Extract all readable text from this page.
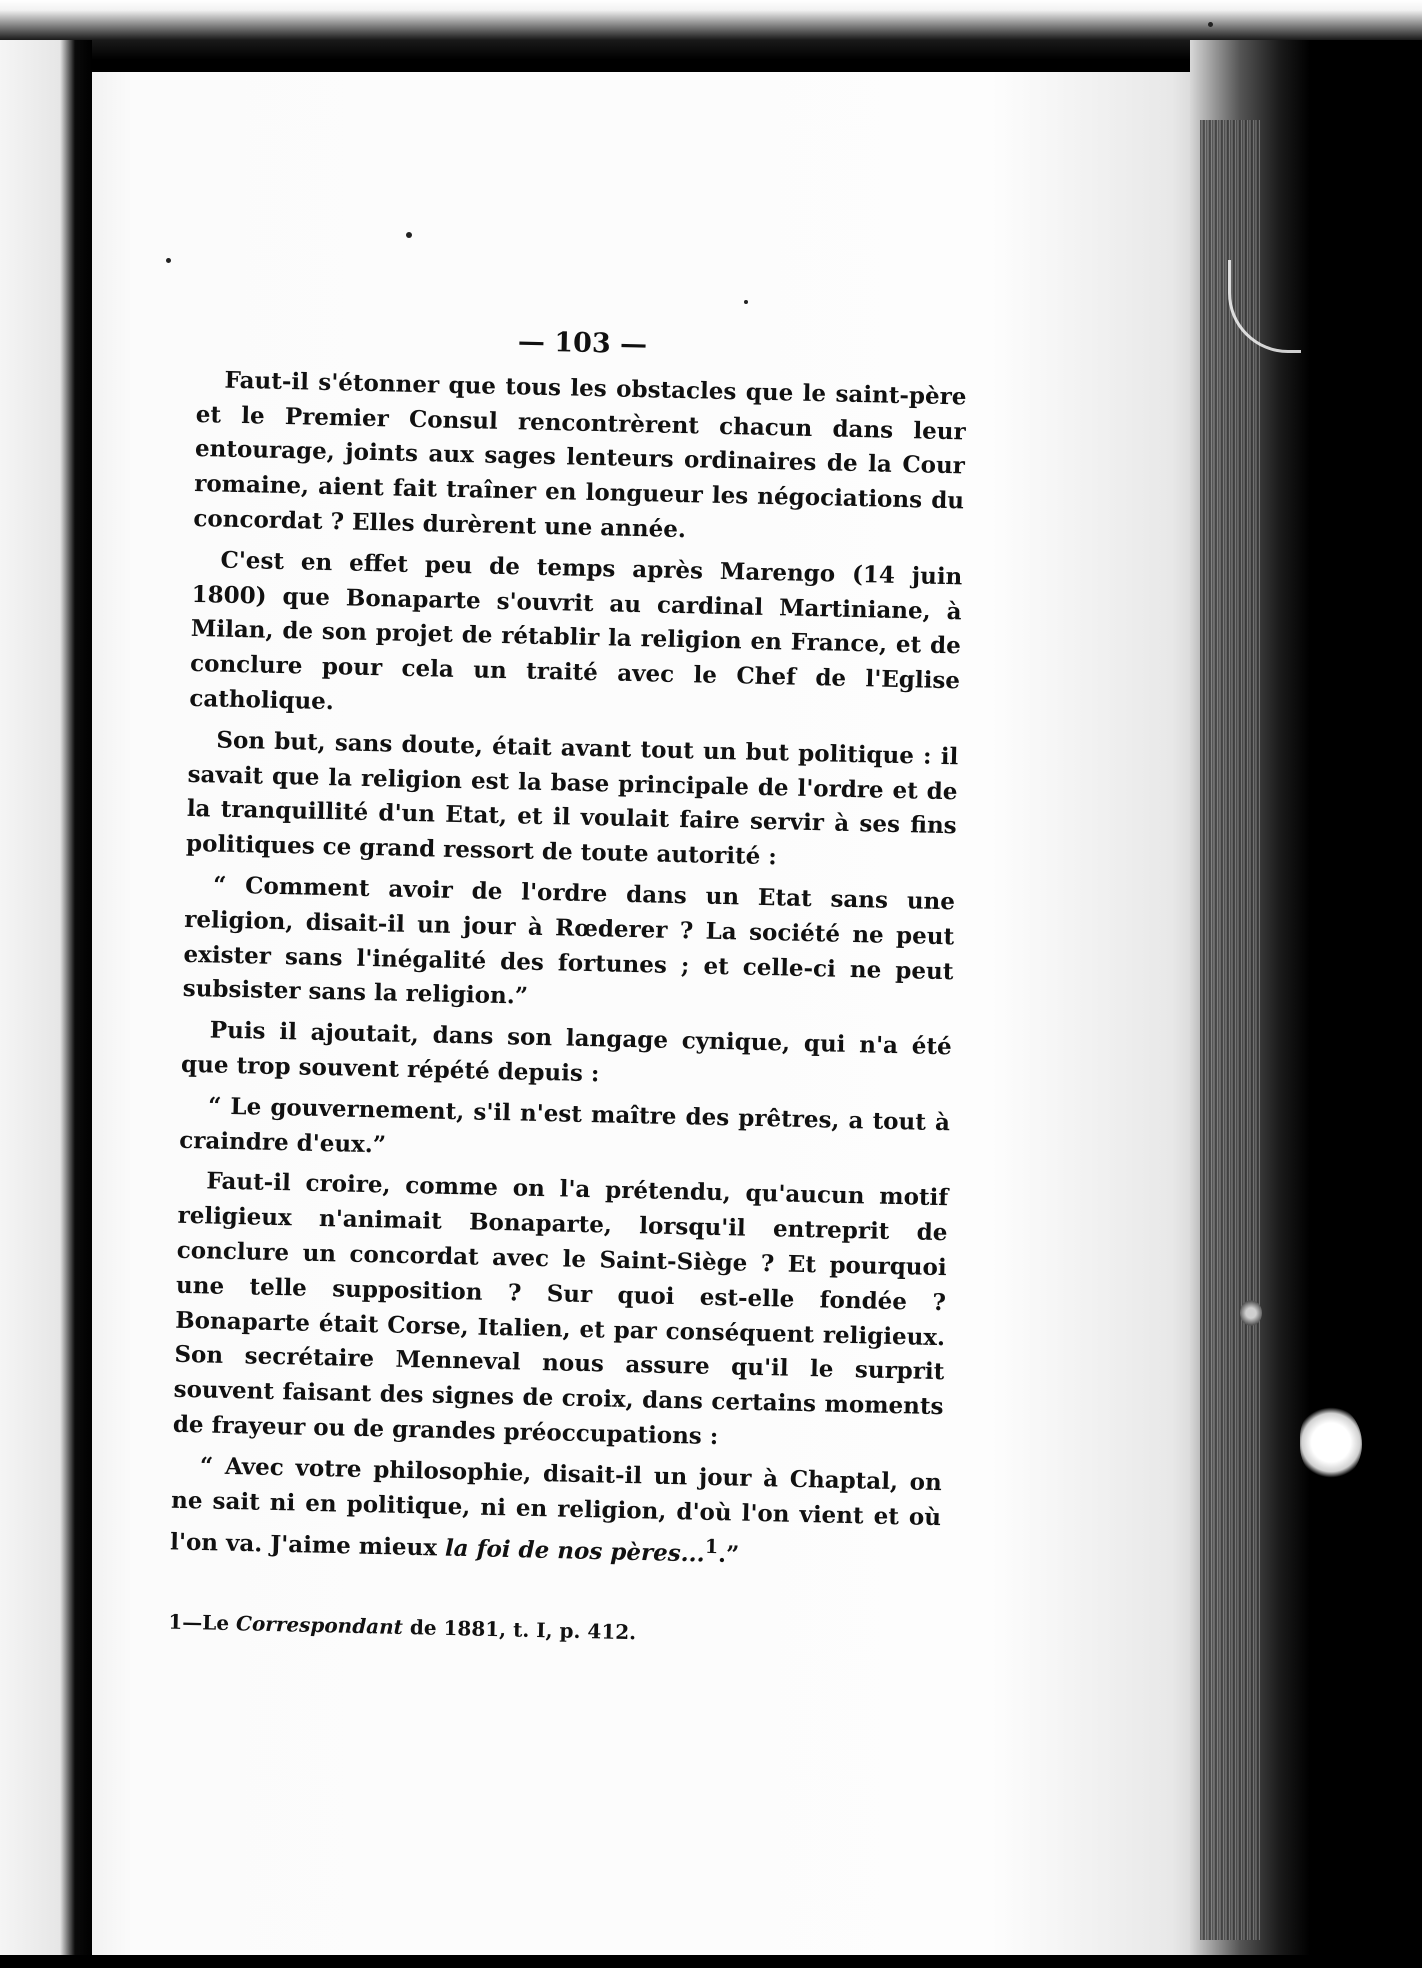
— 103 —

Faut-il s'étonner que tous les obstacles que le saint-père et le Premier Consul rencontrèrent chacun dans leur entourage, joints aux sages lenteurs ordinaires de la Cour romaine, aient fait traîner en longueur les négociations du concordat ? Elles durèrent une année.

C'est en effet peu de temps après Marengo (14 juin 1800) que Bonaparte s'ouvrit au cardinal Martiniane, à Milan, de son projet de rétablir la religion en France, et de conclure pour cela un traité avec le Chef de l'Eglise catholique.

Son but, sans doute, était avant tout un but politique : il savait que la religion est la base principale de l'ordre et de la tranquillité d'un Etat, et il voulait faire servir à ses fins politiques ce grand ressort de toute autorité :

“ Comment avoir de l'ordre dans un Etat sans une religion, disait-il un jour à Rœderer ? La société ne peut exister sans l'inégalité des fortunes ; et celle-ci ne peut subsister sans la religion.”

Puis il ajoutait, dans son langage cynique, qui n'a été que trop souvent répété depuis :

“ Le gouvernement, s'il n'est maître des prêtres, a tout à craindre d'eux.”

Faut-il croire, comme on l'a prétendu, qu'aucun motif religieux n'animait Bonaparte, lorsqu'il entreprit de conclure un concordat avec le Saint-Siège ? Et pourquoi une telle supposition ? Sur quoi est-elle fondée ? Bonaparte était Corse, Italien, et par conséquent religieux. Son secrétaire Menneval nous assure qu'il le surprit souvent faisant des signes de croix, dans certains moments de frayeur ou de grandes préoccupations :

“ Avec votre philosophie, disait-il un jour à Chaptal, on ne sait ni en politique, ni en religion, d'où l'on vient et où l'on va. J'aime mieux la foi de nos pères...$^1$.”

1—Le Correspondant de 1881, t. I, p. 412.
